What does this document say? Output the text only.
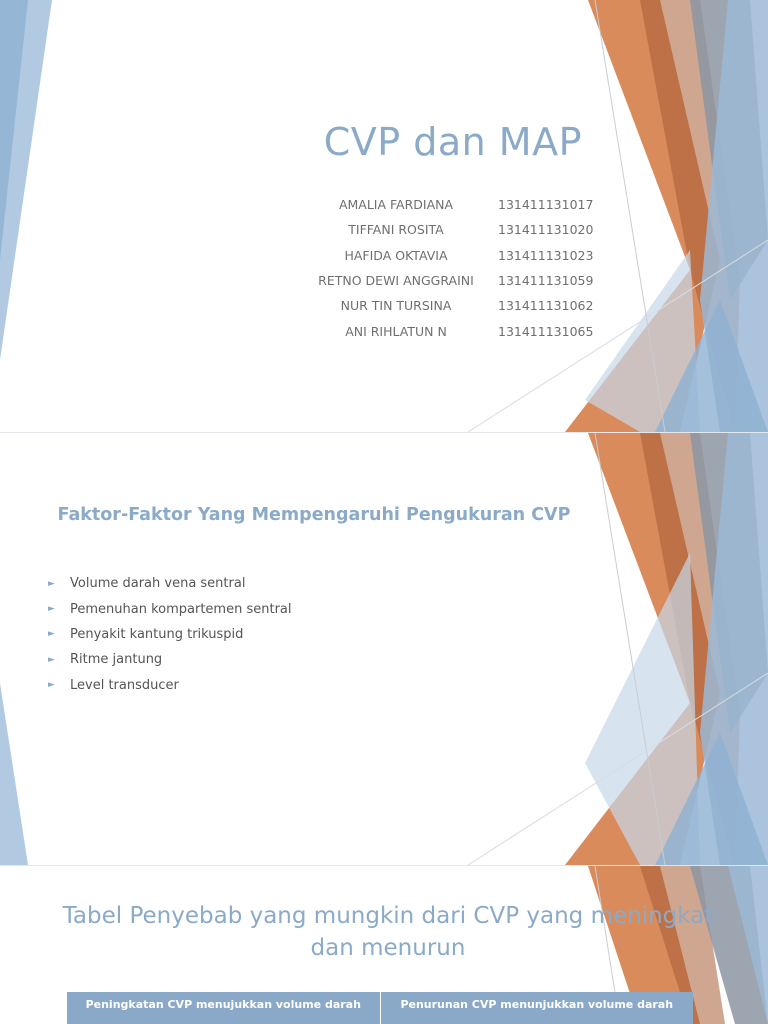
CVP dan MAP
AMALIA FARDIANA	131411131017
TIFFANI ROSITA	131411131020
HAFIDA OKTAVIA	131411131023
RETNO DEWI ANGGRAINI	131411131059
NUR TIN TURSINA	131411131062
ANI RIHLATUN N	131411131065
Faktor-Faktor Yang Mempengaruhi Pengukuran CVP
►	Volume darah vena sentral
►	Pemenuhan kompartemen sentral
►	Penyakit kantung trikuspid
►	Ritme jantung
►	Level transducer
Tabel Penyebab yang mungkin dari CVP yang meningkat dan menurun
Peningkatan CVP menujukkan volume darah	Penurunan CVP menunjukkan volume darah
